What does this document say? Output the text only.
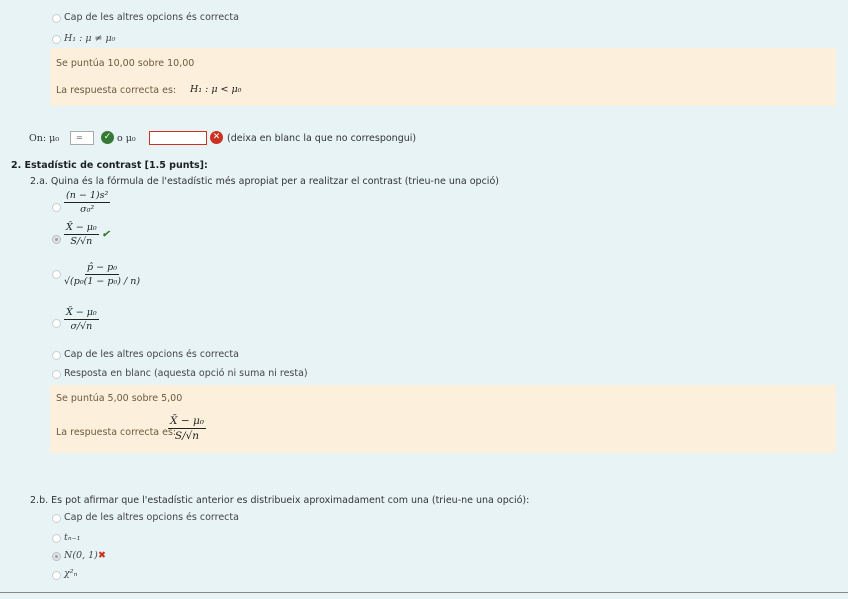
Cap de les altres opcions és correcta
H₁ : μ ≠ μ₀
Se puntúa 10,00 sobre 10,00
La respuesta correcta es: H₁ : μ < μ₀
On: μ₀	=	✓ o μ₀	✕ (deixa en blanc la que no correspongui)
2. Estadístic de contrast [1.5 punts]:
2.a. Quina és la fórmula de l'estadístic més apropiat per a realitzar el contrast (trieu-ne una opció)
$\frac{\text{(n − 1)s²}}{\text{σ₀²}}$
$\frac{\text{X̄ − μ₀}}{S/√n}$ ✔
$\frac{\text{p̂ − p₀}}{\text{√(p₀(1 − p₀) / n)}}$
$\frac{\text{X̄ − μ₀}}{\sigma/√n}$
Cap de les altres opcions és correcta
Resposta en blanc (aquesta opció ni suma ni resta)
Se puntúa 5,00 sobre 5,00
La respuesta correcta es:
$\frac{\text{X̄ − μ₀}}{S/√n}$
2.b. Es pot afirmar que l'estadístic anterior es distribueix aproximadament com una (trieu-ne una opció):
Cap de les altres opcions és correcta
tₙ₋₁
N(0, 1) ✖
χ²ₙ
